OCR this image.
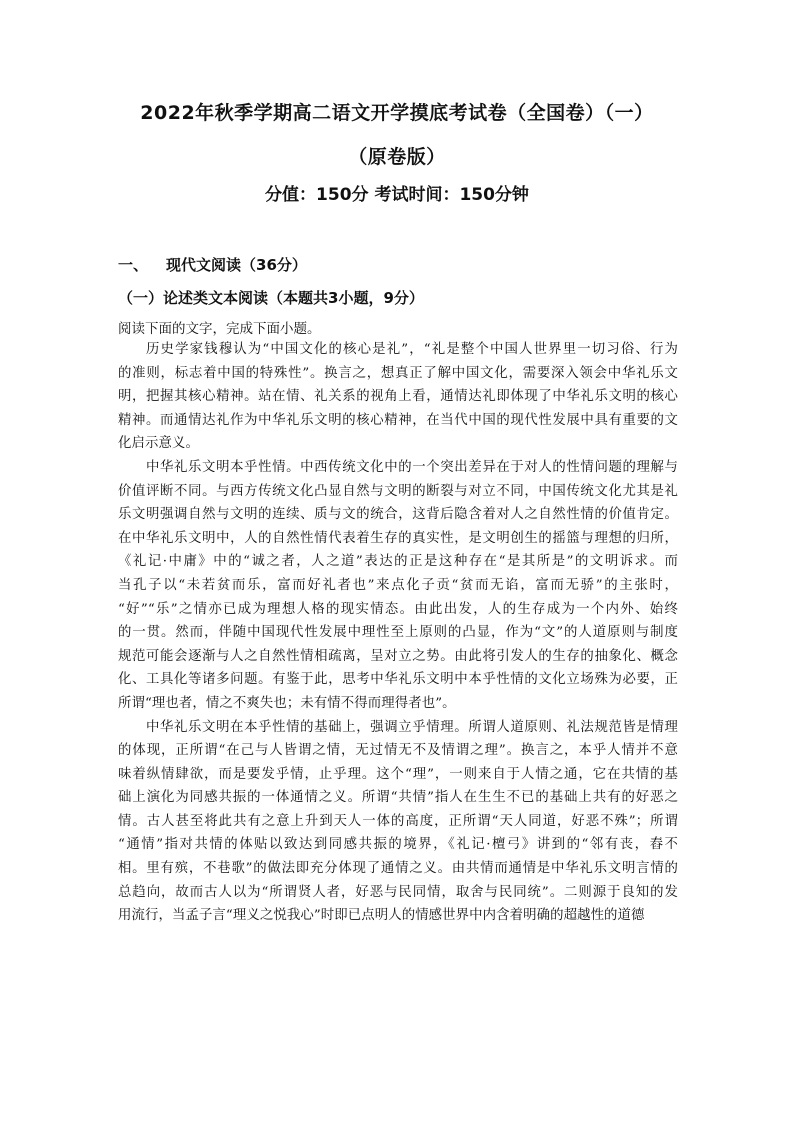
2022年秋季学期高二语文开学摸底考试卷（全国卷）（一）
（原卷版）
分值：150分 考试时间：150分钟
一、 现代文阅读（36分）
（一）论述类文本阅读（本题共3小题，9分）
阅读下面的文字，完成下面小题。
历史学家钱穆认为“中国文化的核心是礼”，“礼是整个中国人世界里一切习俗、行为
的准则，标志着中国的特殊性”。换言之，想真正了解中国文化，需要深入领会中华礼乐文
明，把握其核心精神。站在情、礼关系的视角上看，通情达礼即体现了中华礼乐文明的核心
精神。而通情达礼作为中华礼乐文明的核心精神，在当代中国的现代性发展中具有重要的文
化启示意义。
中华礼乐文明本乎性情。中西传统文化中的一个突出差异在于对人的性情问题的理解与
价值评断不同。与西方传统文化凸显自然与文明的断裂与对立不同，中国传统文化尤其是礼
乐文明强调自然与文明的连续、质与文的统合，这背后隐含着对人之自然性情的价值肯定。
在中华礼乐文明中，人的自然性情代表着生存的真实性，是文明创生的摇篮与理想的归所，
《礼记·中庸》中的“诚之者，人之道”表达的正是这种存在“是其所是”的文明诉求。而
当孔子以“未若贫而乐，富而好礼者也”来点化子贡“贫而无谄，富而无骄”的主张时，
“好”“乐”之情亦已成为理想人格的现实情态。由此出发，人的生存成为一个内外、始终
的一贯。然而，伴随中国现代性发展中理性至上原则的凸显，作为“文”的人道原则与制度
规范可能会逐渐与人之自然性情相疏离，呈对立之势。由此将引发人的生存的抽象化、概念
化、工具化等诸多问题。有鉴于此，思考中华礼乐文明中本乎性情的文化立场殊为必要，正
所谓“理也者，情之不爽失也；未有情不得而理得者也”。
中华礼乐文明在本乎性情的基础上，强调立乎情理。所谓人道原则、礼法规范皆是情理
的体现，正所谓“在己与人皆谓之情，无过情无不及情谓之理”。换言之，本乎人情并不意
味着纵情肆欲，而是要发乎情，止乎理。这个“理”，一则来自于人情之通，它在共情的基
础上演化为同感共振的一体通情之义。所谓“共情”指人在生生不已的基础上共有的好恶之
情。古人甚至将此共有之意上升到天人一体的高度，正所谓“天人同道，好恶不殊”；所谓
“通情”指对共情的体贴以致达到同感共振的境界，《礼记·檀弓》讲到的“邻有丧，舂不
相。里有殡，不巷歌”的做法即充分体现了通情之义。由共情而通情是中华礼乐文明言情的
总趋向，故而古人以为“所谓贤人者，好恶与民同情，取舍与民同统”。二则源于良知的发
用流行，当孟子言“理义之悦我心”时即已点明人的情感世界中内含着明确的超越性的道德
